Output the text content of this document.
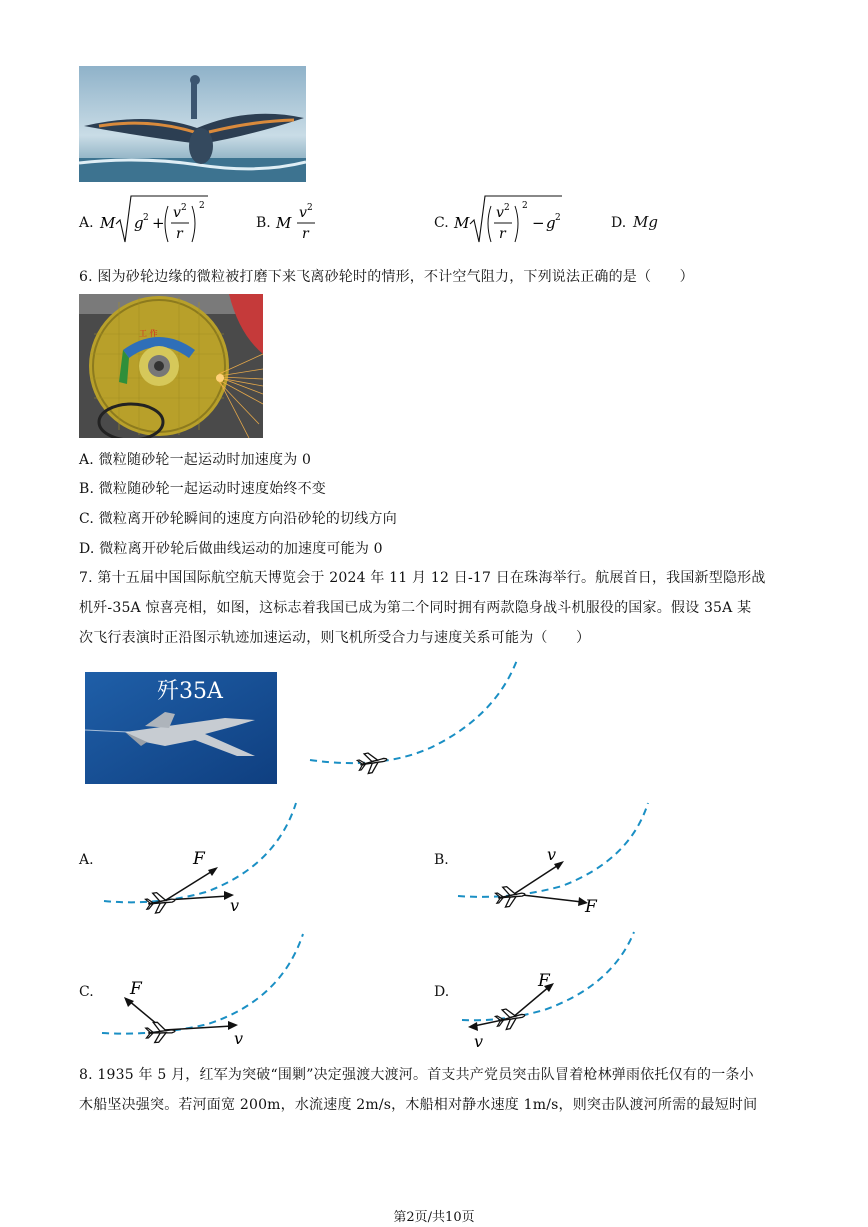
A. M g 2 +
v 2
r
2
B. M
v 2
r
C. M
v 2
r
2
− g 2	D. Mg
6. 图为砂轮边缘的微粒被打磨下来飞离砂轮时的情形，不计空气阻力，下列说法正确的是（　　）
工 作
A. 微粒随砂轮一起运动时加速度为 0
B. 微粒随砂轮一起运动时速度始终不变
C. 微粒离开砂轮瞬间的速度方向沿砂轮的切线方向
D. 微粒离开砂轮后做曲线运动的加速度可能为 0
7. 第十五届中国国际航空航天博览会于 2024 年 11 月 12 日-17 日在珠海举行。航展首日，我国新型隐形战
机歼-35A 惊喜亮相，如图，这标志着我国已成为第二个同时拥有两款隐身战斗机服役的国家。假设 35A 某
次飞行表演时正沿图示轨迹加速运动，则飞机所受合力与速度关系可能为（　　）
歼35A
A.	F
v
B.	v
F
C. F
v
D.
F
v
8. 1935 年 5 月，红军为突破“围剿”决定强渡大渡河。首支共产党员突击队冒着枪林弹雨依托仅有的一条小
木船坚决强突。若河面宽 200m，水流速度 2m/s，木船相对静水速度 1m/s，则突击队渡河所需的最短时间
第2页/共10页
